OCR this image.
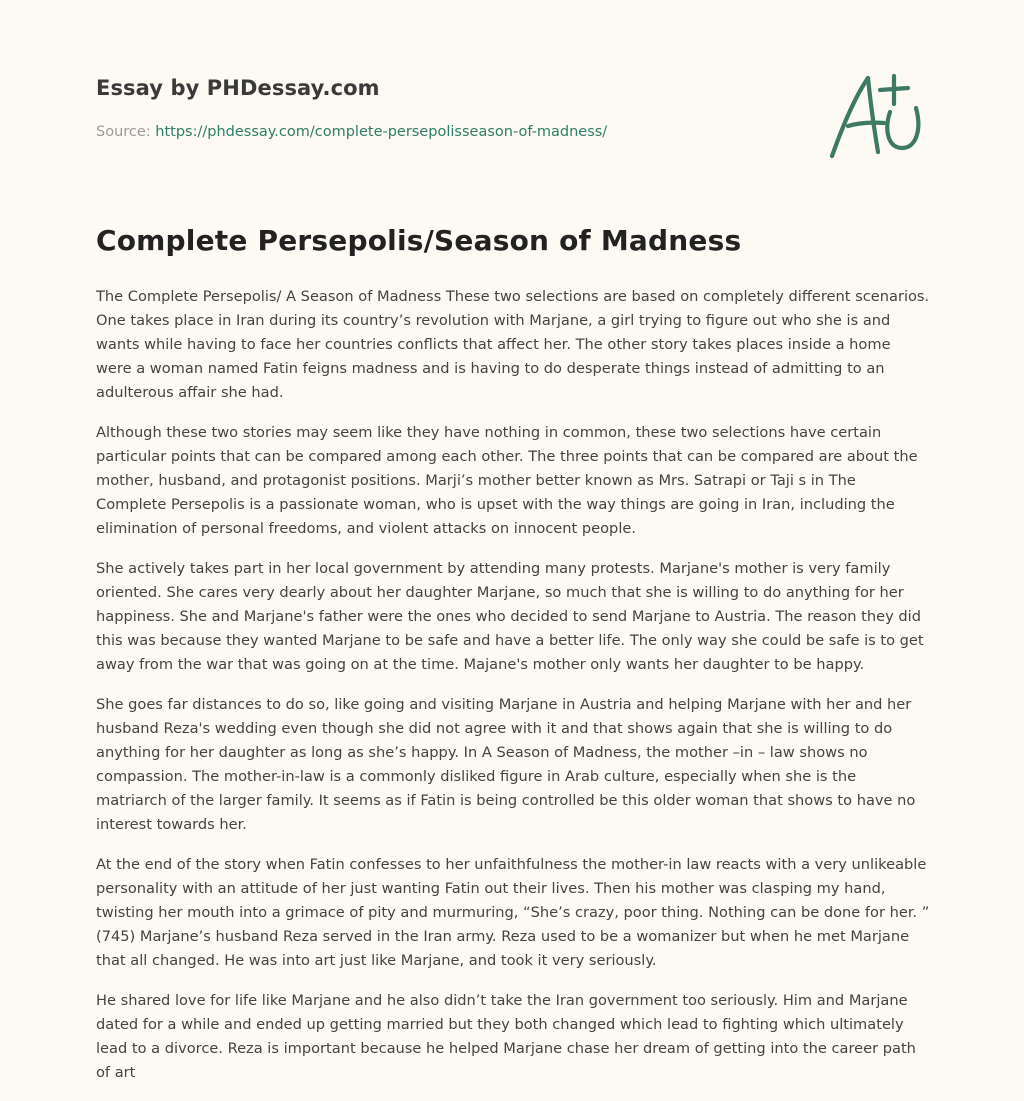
Essay by PHDessay.com
Source: https://phdessay.com/complete-persepolisseason-of-madness/
Complete Persepolis/Season of Madness

The Complete Persepolis/ A Season of Madness These two selections are based on completely different scenarios. One takes place in Iran during its country’s revolution with Marjane, a girl trying to figure out who she is and wants while having to face her countries conflicts that affect her. The other story takes places inside a home were a woman named Fatin feigns madness and is having to do desperate things instead of admitting to an adulterous affair she had.

Although these two stories may seem like they have nothing in common, these two selections have certain particular points that can be compared among each other. The three points that can be compared are about the mother, husband, and protagonist positions. Marji’s mother better known as Mrs. Satrapi or Taji s in The Complete Persepolis is a passionate woman, who is upset with the way things are going in Iran, including the elimination of personal freedoms, and violent attacks on innocent people.

She actively takes part in her local government by attending many protests. Marjane's mother is very family oriented. She cares very dearly about her daughter Marjane, so much that she is willing to do anything for her happiness. She and Marjane's father were the ones who decided to send Marjane to Austria. The reason they did this was because they wanted Marjane to be safe and have a better life. The only way she could be safe is to get away from the war that was going on at the time. Majane's mother only wants her daughter to be happy.

She goes far distances to do so, like going and visiting Marjane in Austria and helping Marjane with her and her husband Reza's wedding even though she did not agree with it and that shows again that she is willing to do anything for her daughter as long as she’s happy. In A Season of Madness, the mother –in – law shows no compassion. The mother-in-law is a commonly disliked figure in Arab culture, especially when she is the matriarch of the larger family. It seems as if Fatin is being controlled be this older woman that shows to have no interest towards her.

At the end of the story when Fatin confesses to her unfaithfulness the mother-in law reacts with a very unlikeable personality with an attitude of her just wanting Fatin out their lives. Then his mother was clasping my hand, twisting her mouth into a grimace of pity and murmuring, “She’s crazy, poor thing. Nothing can be done for her. ” (745) Marjane’s husband Reza served in the Iran army. Reza used to be a womanizer but when he met Marjane that all changed. He was into art just like Marjane, and took it very seriously.

He shared love for life like Marjane and he also didn’t take the Iran government too seriously. Him and Marjane dated for a while and ended up getting married but they both changed which lead to fighting which ultimately lead to a divorce. Reza is important because he helped Marjane chase her dream of getting into the career path of art
